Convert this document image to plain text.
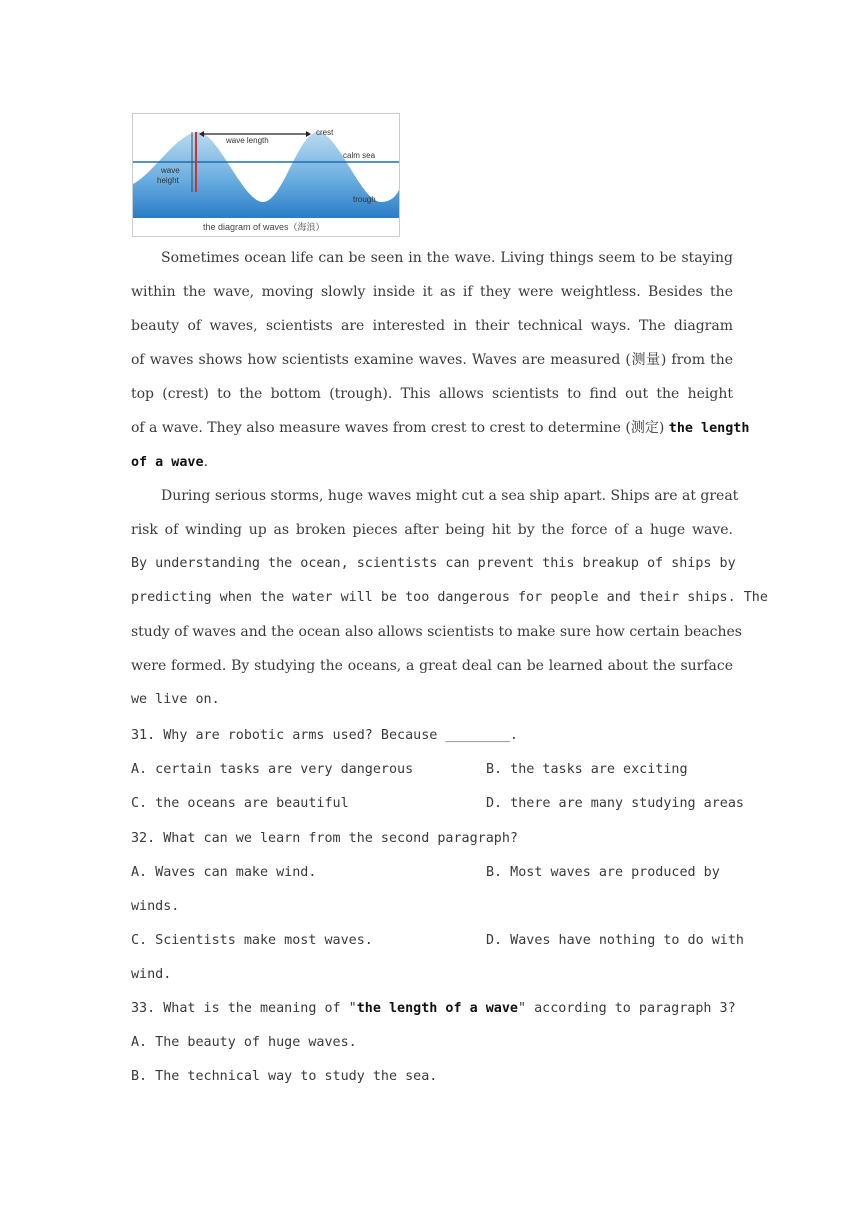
wave length
crest
calm sea
wave
height
trough
the diagram of waves（海浪）
Sometimes ocean life can be seen in the wave. Living things seem to be staying
within the wave, moving slowly inside it as if they were weightless. Besides the
beauty of waves, scientists are interested in their technical ways. The diagram
of waves shows how scientists examine waves. Waves are measured (测量) from the
top (crest) to the bottom (trough). This allows scientists to find out the height
of a wave. They also measure waves from crest to crest to determine (测定) the length
of a wave.
During serious storms, huge waves might cut a sea ship apart. Ships are at great
risk of winding up as broken pieces after being hit by the force of a huge wave.
By understanding the ocean, scientists can prevent this breakup of ships by
predicting when the water will be too dangerous for people and their ships. The
study of waves and the ocean also allows scientists to make sure how certain beaches
were formed. By studying the oceans, a great deal can be learned about the surface
we live on.
31. Why are robotic arms used? Because ________.
A. certain tasks are very dangerous	B. the tasks are exciting
C. the oceans are beautiful	D. there are many studying areas
32. What can we learn from the second paragraph?
A. Waves can make wind.	B. Most waves are produced by
winds.
C. Scientists make most waves.	D. Waves have nothing to do with
wind.
33. What is the meaning of "the length of a wave" according to paragraph 3?
A. The beauty of huge waves.
B. The technical way to study the sea.
